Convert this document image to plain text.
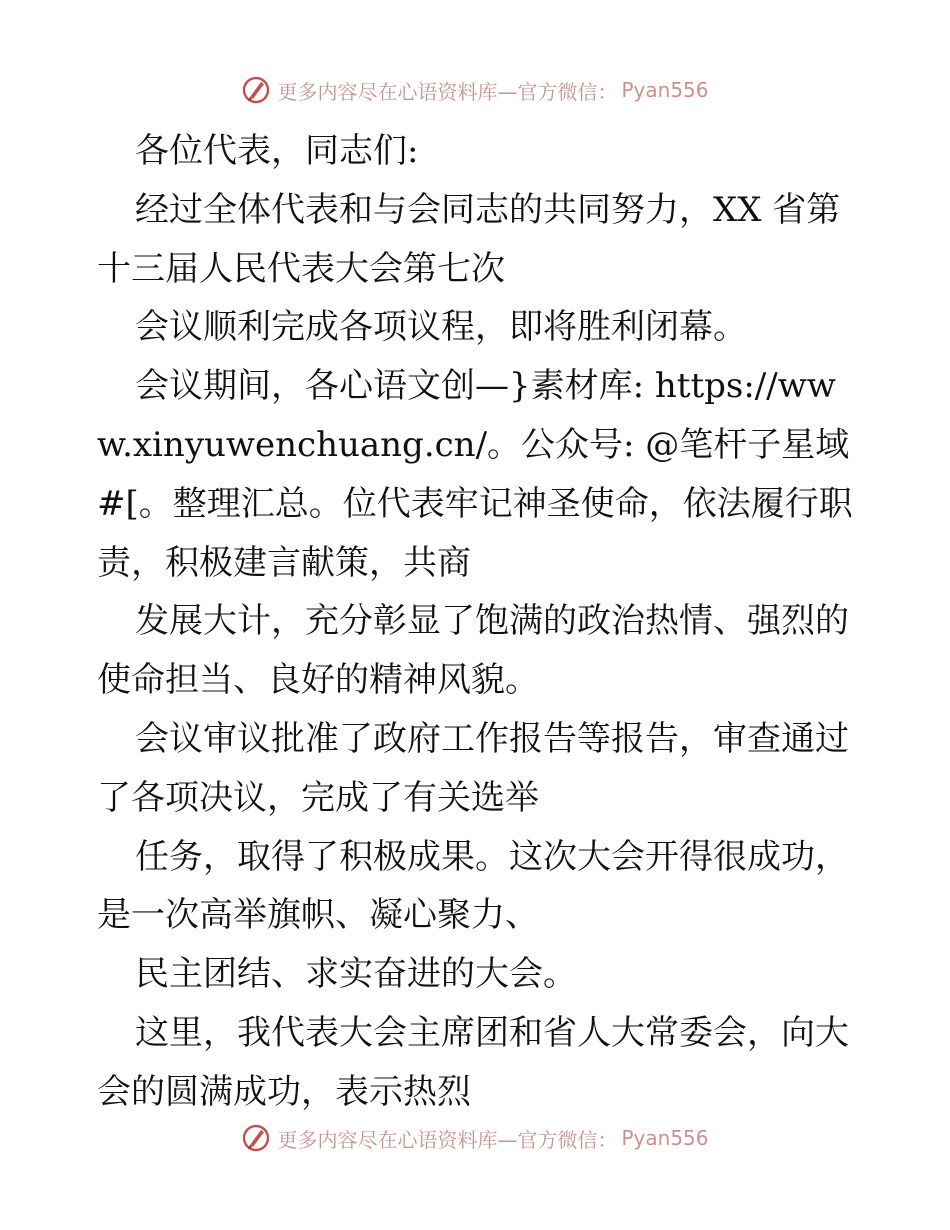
更多内容尽在心语资料库—官方微信： Pyan556

各位代表，同志们:

经过全体代表和与会同志的共同努力，XX 省第十三届人民代表大会第七次

会议顺利完成各项议程，即将胜利闭幕。

会议期间，各心语文创—}素材库: https://www.xinyuwenchuang.cn/。公众号: @笔杆子星域#[。整理汇总。位代表牢记神圣使命，依法履行职责，积极建言献策，共商

发展大计，充分彰显了饱满的政治热情、强烈的使命担当、良好的精神风貌。

会议审议批准了政府工作报告等报告，审查通过了各项决议，完成了有关选举

任务，取得了积极成果。这次大会开得很成功，是一次高举旗帜、凝心聚力、

民主团结、求实奋进的大会。

这里，我代表大会主席团和省人大常委会，向大会的圆满成功，表示热烈

更多内容尽在心语资料库—官方微信： Pyan556
